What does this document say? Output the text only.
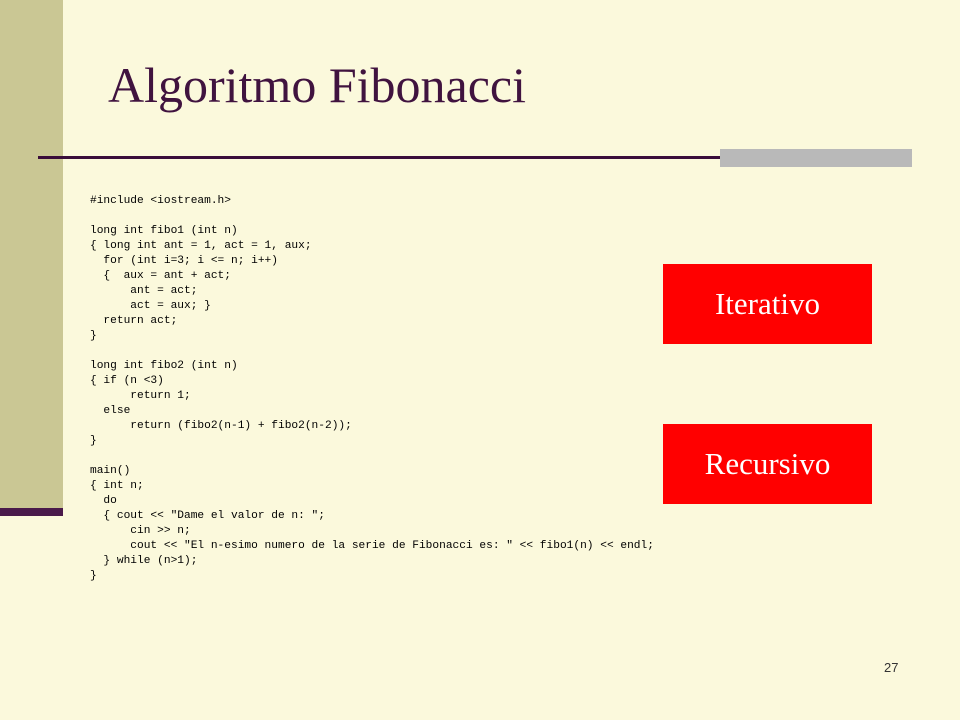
Algoritmo Fibonacci
#include <iostream.h>
long int fibo1 (int n)
{ long int ant = 1, act = 1, aux;
for (int i=3; i <= n; i++)
{  aux = ant + act;
ant = act;
act = aux; }
return act;
}
long int fibo2 (int n)
{ if (n <3)
return 1;
else
return (fibo2(n-1) + fibo2(n-2));
}
main()
{ int n;
do
{ cout << "Dame el valor de n: ";
cin >> n;
cout << "El n-esimo numero de la serie de Fibonacci es: " << fibo1(n) << endl;
} while (n>1);
}
Iterativo
Recursivo
27
